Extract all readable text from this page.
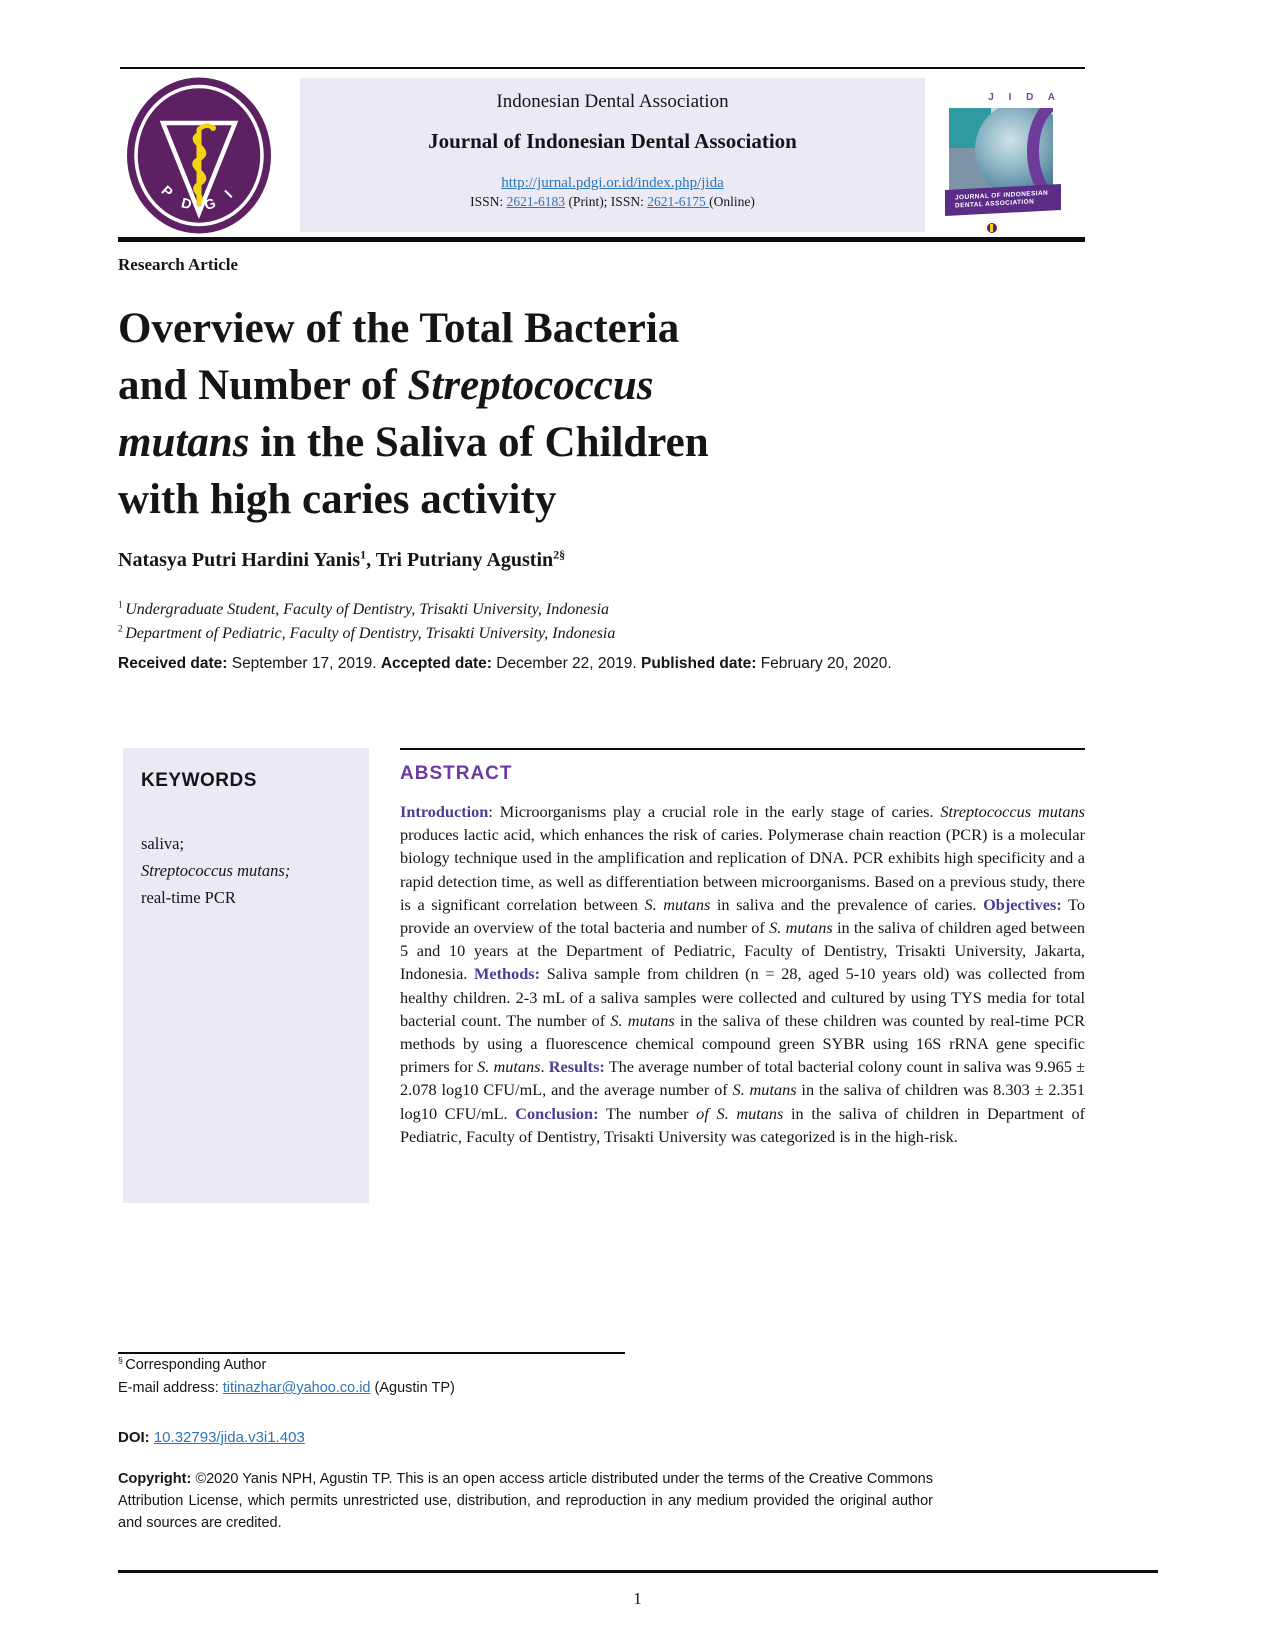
P D G I
Indonesian Dental Association
Journal of Indonesian Dental Association
http://jurnal.pdgi.or.id/index.php/jida
ISSN: 2621-6183 (Print); ISSN: 2621-6175 (Online)
J I D A
JOURNAL OF INDONESIAN
DENTAL ASSOCIATION
Research Article
Overview of the Total Bacteria
and Number of Streptococcus
mutans in the Saliva of Children
with high caries activity
Natasya Putri Hardini Yanis$^1$, Tri Putriany Agustin$^{2\S}$
$^1$ Undergraduate Student, Faculty of Dentistry, Trisakti University, Indonesia
$^2$ Department of Pediatric, Faculty of Dentistry, Trisakti University, Indonesia
Received date: September 17, 2019. Accepted date: December 22, 2019. Published date: February 20, 2020.
KEYWORDS
saliva;
Streptococcus mutans;
real-time PCR
ABSTRACT
Introduction: Microorganisms play a crucial role in the early stage of caries. Streptococcus mutans produces lactic acid, which enhances the risk of caries. Polymerase chain reaction (PCR) is a molecular biology technique used in the amplification and replication of DNA. PCR exhibits high specificity and a rapid detection time, as well as differentiation between microorganisms. Based on a previous study, there is a significant correlation between S. mutans in saliva and the prevalence of caries. Objectives: To provide an overview of the total bacteria and number of S. mutans in the saliva of children aged between 5 and 10 years at the Department of Pediatric, Faculty of Dentistry, Trisakti University, Jakarta, Indonesia. Methods: Saliva sample from children (n = 28, aged 5-10 years old) was collected from healthy children. 2-3 mL of a saliva samples were collected and cultured by using TYS media for total bacterial count. The number of S. mutans in the saliva of these children was counted by real-time PCR methods by using a fluorescence chemical compound green SYBR using 16S rRNA gene specific primers for S. mutans. Results: The average number of total bacterial colony count in saliva was 9.965 ± 2.078 log10 CFU/mL, and the average number of S. mutans in the saliva of children was 8.303 ± 2.351 log10 CFU/mL. Conclusion: The number of S. mutans in the saliva of children in Department of Pediatric, Faculty of Dentistry, Trisakti University was categorized is in the high-risk.
§ Corresponding Author
E-mail address: titinazhar@yahoo.co.id (Agustin TP)
DOI: 10.32793/jida.v3i1.403
Copyright: ©2020 Yanis NPH, Agustin TP. This is an open access article distributed under the terms of the Creative Commons Attribution License, which permits unrestricted use, distribution, and reproduction in any medium provided the original author and sources are credited.
1
